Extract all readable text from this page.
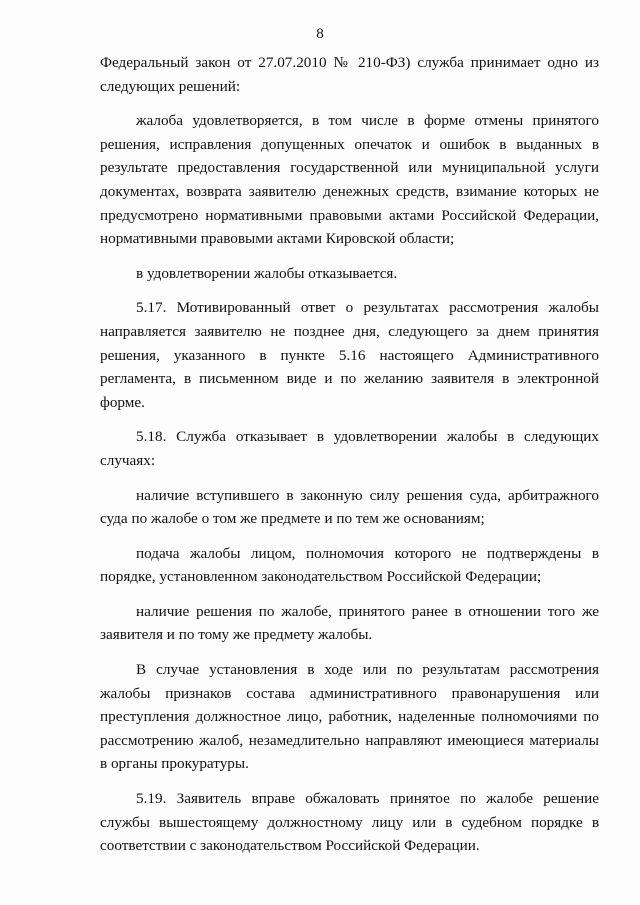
8

Федеральный закон от 27.07.2010 № 210-ФЗ) служба принимает одно из следующих решений:

жалоба удовлетворяется, в том числе в форме отмены принятого решения, исправления допущенных опечаток и ошибок в выданных в результате предоставления государственной или муниципальной услуги документах, возврата заявителю денежных средств, взимание которых не предусмотрено нормативными правовыми актами Российской Федерации, нормативными правовыми актами Кировской области;

в удовлетворении жалобы отказывается.

5.17. Мотивированный ответ о результатах рассмотрения жалобы направляется заявителю не позднее дня, следующего за днем принятия решения, указанного в пункте 5.16 настоящего Административного регламента, в письменном виде и по желанию заявителя в электронной форме.

5.18. Служба отказывает в удовлетворении жалобы в следующих случаях:

наличие вступившего в законную силу решения суда, арбитражного суда по жалобе о том же предмете и по тем же основаниям;

подача жалобы лицом, полномочия которого не подтверждены в порядке, установленном законодательством Российской Федерации;

наличие решения по жалобе, принятого ранее в отношении того же заявителя и по тому же предмету жалобы.

В случае установления в ходе или по результатам рассмотрения жалобы признаков состава административного правонарушения или преступления должностное лицо, работник, наделенные полномочиями по рассмотрению жалоб, незамедлительно направляют имеющиеся материалы в органы прокуратуры.

5.19. Заявитель вправе обжаловать принятое по жалобе решение службы вышестоящему должностному лицу или в судебном порядке в соответствии с законодательством Российской Федерации.
